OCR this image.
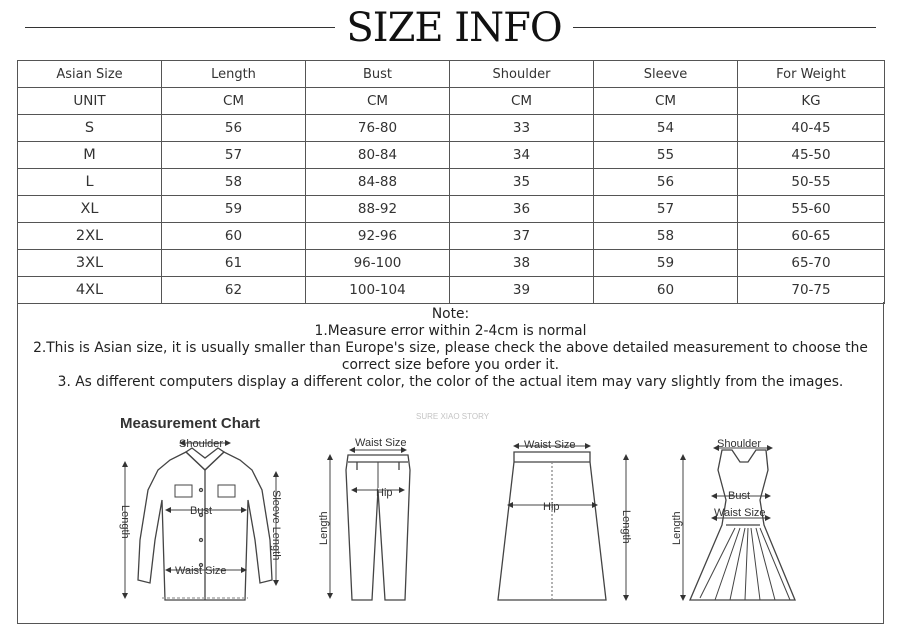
SIZE INFO
Asian Size	Length	Bust	Shoulder	Sleeve	For Weight
UNIT	CM	CM	CM	CM	KG
S	56	76-80	33	54	40-45
M	57	80-84	34	55	45-50
L	58	84-88	35	56	50-55
XL	59	88-92	36	57	55-60
2XL	60	92-96	37	58	60-65
3XL	61	96-100	38	59	65-70
4XL	62	100-104	39	60	70-75
Note:
1.Measure error within 2-4cm is normal
2.This is Asian size, it is usually smaller than Europe's size, please check the above detailed measurement to choose the correct size before you order it.
3. As different computers display a different color, the color of the actual item may vary slightly from the images.
Measurement Chart	SURE XIAO STORY
Shoulder
Bust
Waist Size
Length	Sleeve Length
Waist Size
Hip
Length
Waist Size
Hip
Length
Shoulder
Bust
Waist Size
Length
